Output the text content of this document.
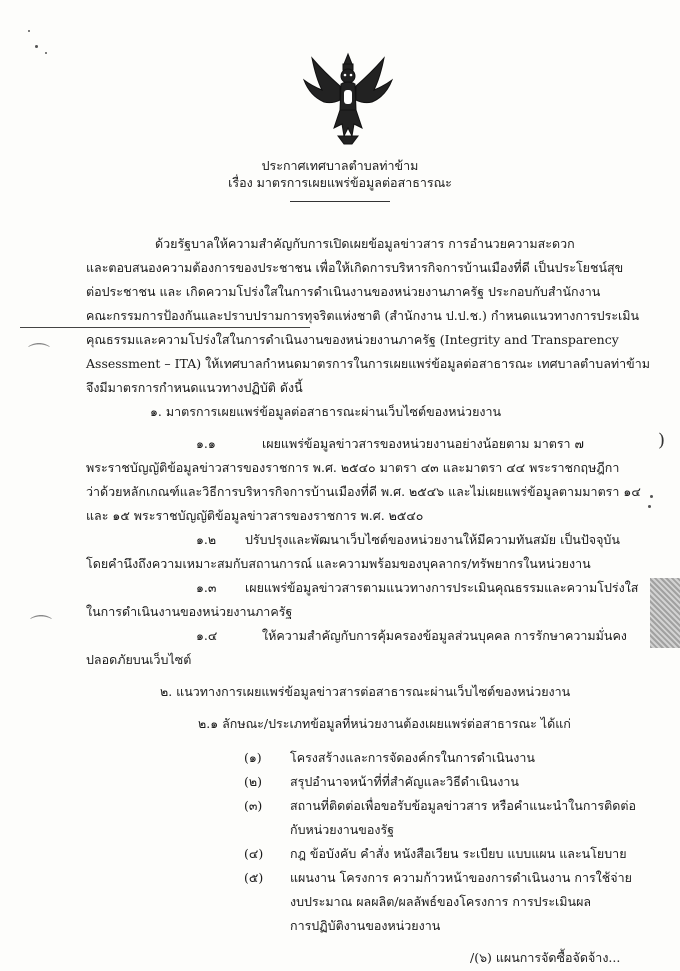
ประกาศเทศบาลตำบลท่าข้าม
เรื่อง มาตรการเผยแพร่ข้อมูลต่อสาธารณะ
ด้วยรัฐบาลให้ความสำคัญกับการเปิดเผยข้อมูลข่าวสาร การอำนวยความสะดวก
และตอบสนองความต้องการของประชาชน เพื่อให้เกิดการบริหารกิจการบ้านเมืองที่ดี เป็นประโยชน์สุข
ต่อประชาชน และ เกิดความโปร่งใสในการดำเนินงานของหน่วยงานภาครัฐ ประกอบกับสำนักงาน
คณะกรรมการป้องกันและปราบปรามการทุจริตแห่งชาติ (สำนักงาน ป.ป.ช.) กำหนดแนวทางการประเมิน
คุณธรรมและความโปร่งใสในการดำเนินงานของหน่วยงานภาครัฐ (Integrity and Transparency
Assessment – ITA) ให้เทศบาลกำหนดมาตรการในการเผยแพร่ข้อมูลต่อสาธารณะ เทศบาลตำบลท่าข้าม
จึงมีมาตรการกำหนดแนวทางปฏิบัติ ดังนี้
๑. มาตรการเผยแพร่ข้อมูลต่อสาธารณะผ่านเว็บไซต์ของหน่วยงาน
๑.๑	เผยแพร่ข้อมูลข่าวสารของหน่วยงานอย่างน้อยตาม มาตรา ๗
พระราชบัญญัติข้อมูลข่าวสารของราชการ พ.ศ. ๒๕๔๐ มาตรา ๔๓ และมาตรา ๔๔ พระราชกฤษฎีกา
ว่าด้วยหลักเกณฑ์และวิธีการบริหารกิจการบ้านเมืองที่ดี พ.ศ. ๒๕๔๖ และไม่เผยแพร่ข้อมูลตามมาตรา ๑๔
และ ๑๕ พระราชบัญญัติข้อมูลข่าวสารของราชการ พ.ศ. ๒๕๔๐
๑.๒ ปรับปรุงและพัฒนาเว็บไซต์ของหน่วยงานให้มีความทันสมัย เป็นปัจจุบัน
โดยคำนึงถึงความเหมาะสมกับสถานการณ์ และความพร้อมของบุคลากร/ทรัพยากรในหน่วยงาน
๑.๓ เผยแพร่ข้อมูลข่าวสารตามแนวทางการประเมินคุณธรรมและความโปร่งใส
ในการดำเนินงานของหน่วยงานภาครัฐ
๑.๔	ให้ความสำคัญกับการคุ้มครองข้อมูลส่วนบุคคล การรักษาความมั่นคง
ปลอดภัยบนเว็บไซต์
๒. แนวทางการเผยแพร่ข้อมูลข่าวสารต่อสาธารณะผ่านเว็บไซต์ของหน่วยงาน
๒.๑ ลักษณะ/ประเภทข้อมูลที่หน่วยงานต้องเผยแพร่ต่อสาธารณะ ได้แก่
(๑) โครงสร้างและการจัดองค์กรในการดำเนินงาน
(๒) สรุปอำนาจหน้าที่ที่สำคัญและวิธีดำเนินงาน
(๓) สถานที่ติดต่อเพื่อขอรับข้อมูลข่าวสาร หรือคำแนะนำในการติดต่อ
กับหน่วยงานของรัฐ
(๔) กฎ ข้อบังคับ คำสั่ง หนังสือเวียน ระเบียบ แบบแผน และนโยบาย
(๕) แผนงาน โครงการ ความก้าวหน้าของการดำเนินงาน การใช้จ่าย
งบประมาณ ผลผลิต/ผลลัพธ์ของโครงการ การประเมินผล
การปฏิบัติงานของหน่วยงาน
/(๖) แผนการจัดซื้อจัดจ้าง...
⌒
⌒
)
